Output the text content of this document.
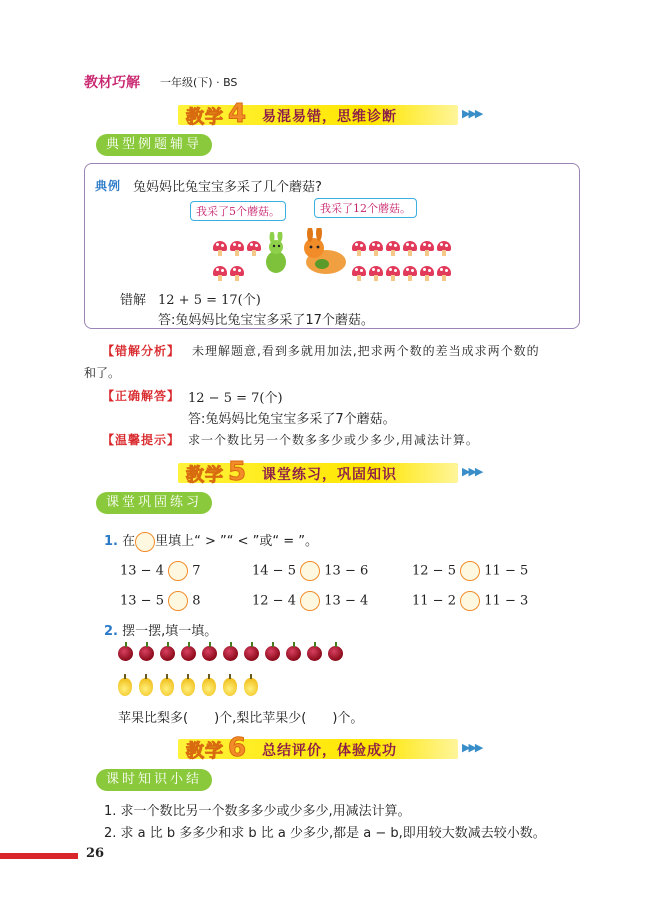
教材巧解 一年级(下) · BS
教学 4 易混易错，思维诊断	▶▶▶
典型例题辅导
典例 兔妈妈比兔宝宝多采了几个蘑菇?
我采了5个蘑菇。	我采了12个蘑菇。
错解 12 + 5 = 17(个)
答:兔妈妈比兔宝宝多采了17个蘑菇。
【错解分析】 未理解题意,看到多就用加法,把求两个数的差当成求两个数的
和了。
【正确解答】 12 − 5 = 7(个)
答:兔妈妈比兔宝宝多采了7个蘑菇。
【温馨提示】 求一个数比另一个数多多少或少多少,用减法计算。
教学 5 课堂练习，巩固知识	▶▶▶
课堂巩固练习
1. 在 里填上“ > ”“ < ”或“ = ”。
13 − 4 7	14 − 5 13 − 6	12 − 5 11 − 5
13 − 5 8	12 − 4 13 − 4	11 − 2 11 − 3
2. 摆一摆,填一填。
苹果比梨多(　　)个,梨比苹果少(　　)个。
教学 6 总结评价，体验成功	▶▶▶
课时知识小结
1. 求一个数比另一个数多多少或少多少,用减法计算。
2. 求 a 比 b 多多少和求 b 比 a 少多少,都是 a − b,即用较大数减去较小数。
26
